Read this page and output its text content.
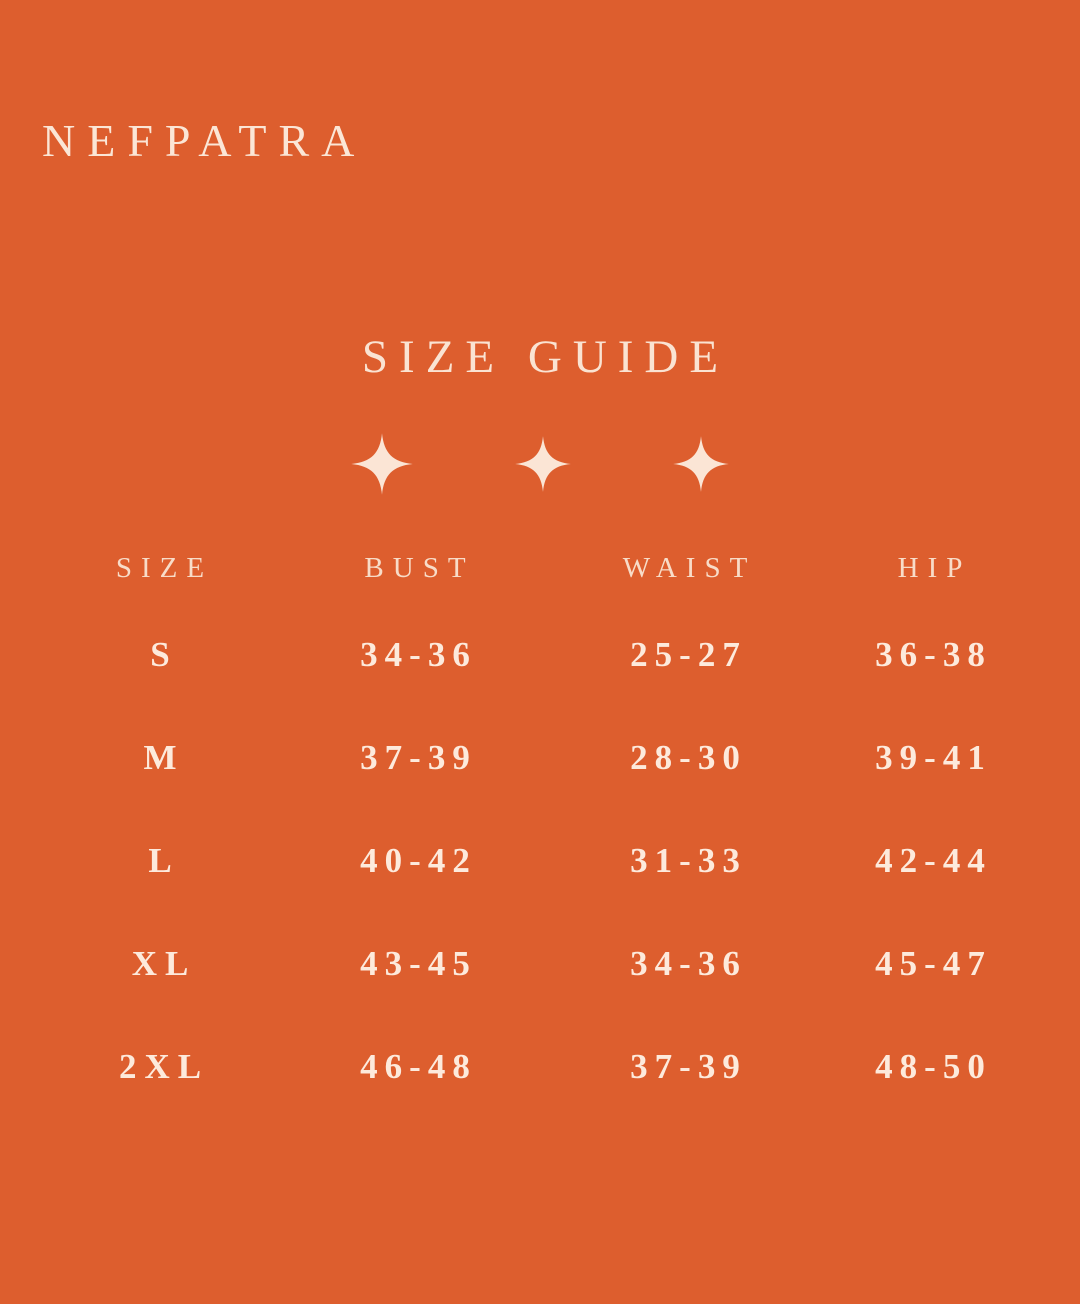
NEFPATRA
SIZE GUIDE
SIZE	BUST	WAIST	HIP
S	34-36	25-27	36-38
M	37-39	28-30	39-41
L	40-42	31-33	42-44
XL	43-45	34-36	45-47
2XL	46-48	37-39	48-50
